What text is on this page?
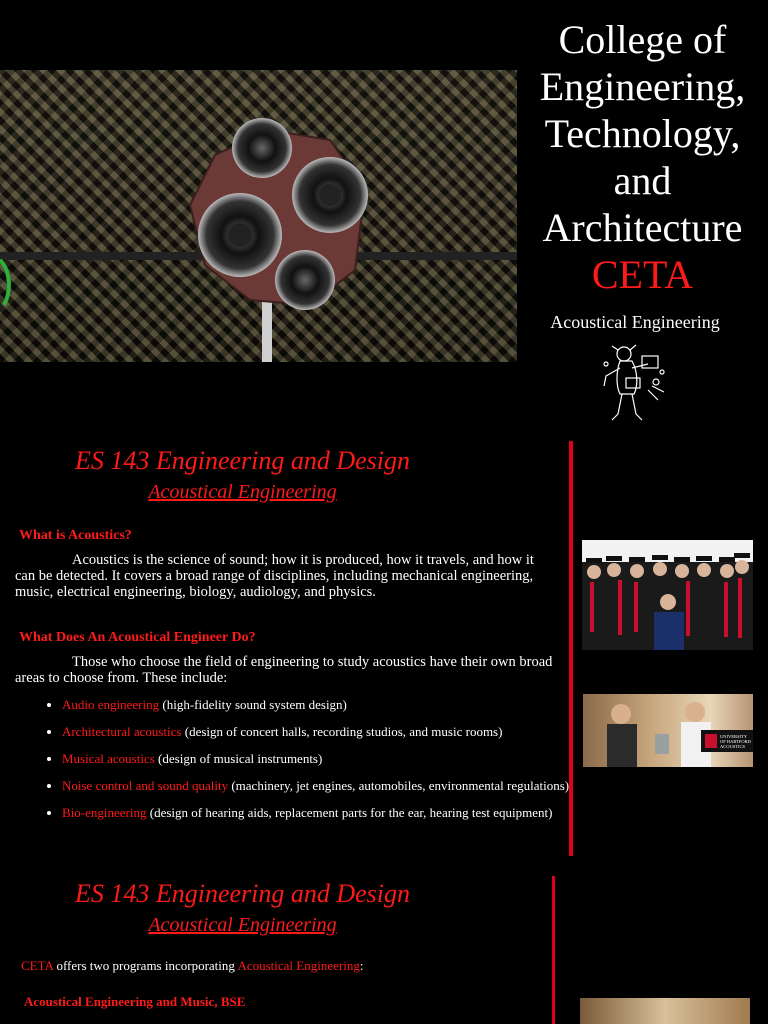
College of
Engineering,
Technology,
and
Architecture
CETA
Acoustical Engineering
ES 143 Engineering and Design
Acoustical Engineering
What is Acoustics?
Acoustics is the science of sound; how it is produced, how it travels, and how it can be detected. It covers a broad range of disciplines, including mechanical engineering, music, electrical engineering, biology, audiology, and physics.
What Does An Acoustical Engineer Do?
Those who choose the field of engineering to study acoustics have their own broad areas to choose from. These include:
• Audio engineering (high-fidelity sound system design)
• Architectural acoustics (design of concert halls, recording studios, and music rooms)
• Musical acoustics (design of musical instruments)
• Noise control and sound quality (machinery, jet engines, automobiles, environmental regulations)
• Bio-engineering (design of hearing aids, replacement parts for the ear, hearing test equipment)
UNIVERSITY
OF HARTFORD
ACOUSTICS
ES 143 Engineering and Design
Acoustical Engineering
CETA offers two programs incorporating Acoustical Engineering:
Acoustical Engineering and Music, BSE
